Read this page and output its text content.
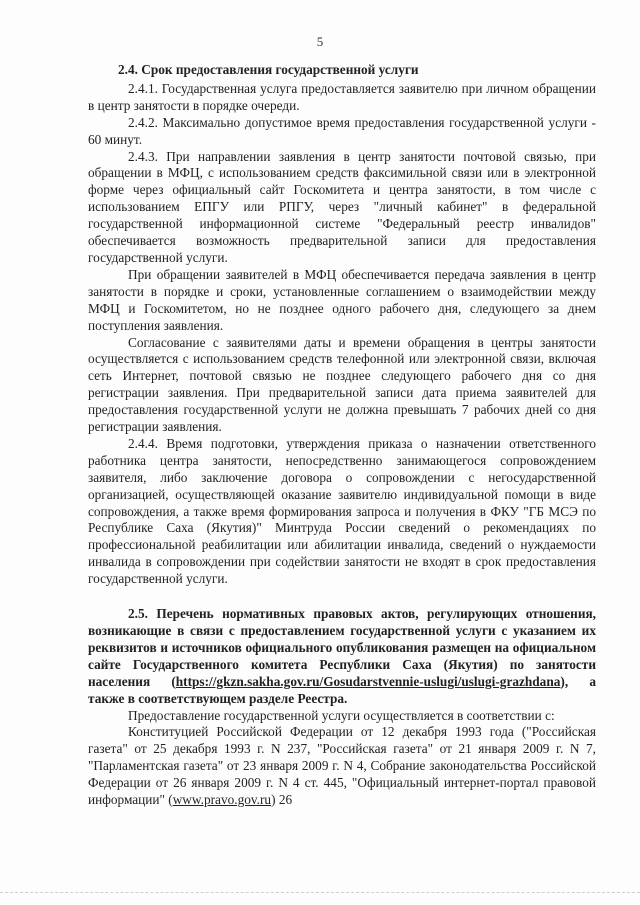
5

2.4. Срок предоставления государственной услуги

2.4.1. Государственная услуга предоставляется заявителю при личном обращении в центр занятости в порядке очереди.

2.4.2. Максимально допустимое время предоставления государственной услуги - 60 минут.

2.4.3. При направлении заявления в центр занятости почтовой связью, при обращении в МФЦ, с использованием средств факсимильной связи или в электронной форме через официальный сайт Госкомитета и центра занятости, в том числе с использованием ЕПГУ или РПГУ, через "личный кабинет" в федеральной государственной информационной системе "Федеральный реестр инвалидов" обеспечивается возможность предварительной записи для предоставления государственной услуги.

При обращении заявителей в МФЦ обеспечивается передача заявления в центр занятости в порядке и сроки, установленные соглашением о взаимодействии между МФЦ и Госкомитетом, но не позднее одного рабочего дня, следующего за днем поступления заявления.

Согласование с заявителями даты и времени обращения в центры занятости осуществляется с использованием средств телефонной или электронной связи, включая сеть Интернет, почтовой связью не позднее следующего рабочего дня со дня регистрации заявления. При предварительной записи дата приема заявителей для предоставления государственной услуги не должна превышать 7 рабочих дней со дня регистрации заявления.

2.4.4. Время подготовки, утверждения приказа о назначении ответственного работника центра занятости, непосредственно занимающегося сопровождением заявителя, либо заключение договора о сопровождении с негосударственной организацией, осуществляющей оказание заявителю индивидуальной помощи в виде сопровождения, а также время формирования запроса и получения в ФКУ "ГБ МСЭ по Республике Саха (Якутия)" Минтруда России сведений о рекомендациях по профессиональной реабилитации или абилитации инвалида, сведений о нуждаемости инвалида в сопровождении при содействии занятости не входят в срок предоставления государственной услуги.

2.5. Перечень нормативных правовых актов, регулирующих отношения, возникающие в связи с предоставлением государственной услуги с указанием их реквизитов и источников официального опубликования размещен на официальном сайте Государственного комитета Республики Саха (Якутия) по занятости населения (https://gkzn.sakha.gov.ru/Gosudarstvennie-uslugi/uslugi-grazhdana), а также в соответствующем разделе Реестра.

Предоставление государственной услуги осуществляется в соответствии с:

Конституцией Российской Федерации от 12 декабря 1993 года ("Российская газета" от 25 декабря 1993 г. N 237, "Российская газета" от 21 января 2009 г. N 7, "Парламентская газета" от 23 января 2009 г. N 4, Собрание законодательства Российской Федерации от 26 января 2009 г. N 4 ст. 445, "Официальный интернет-портал правовой информации" (www.pravo.gov.ru) 26
